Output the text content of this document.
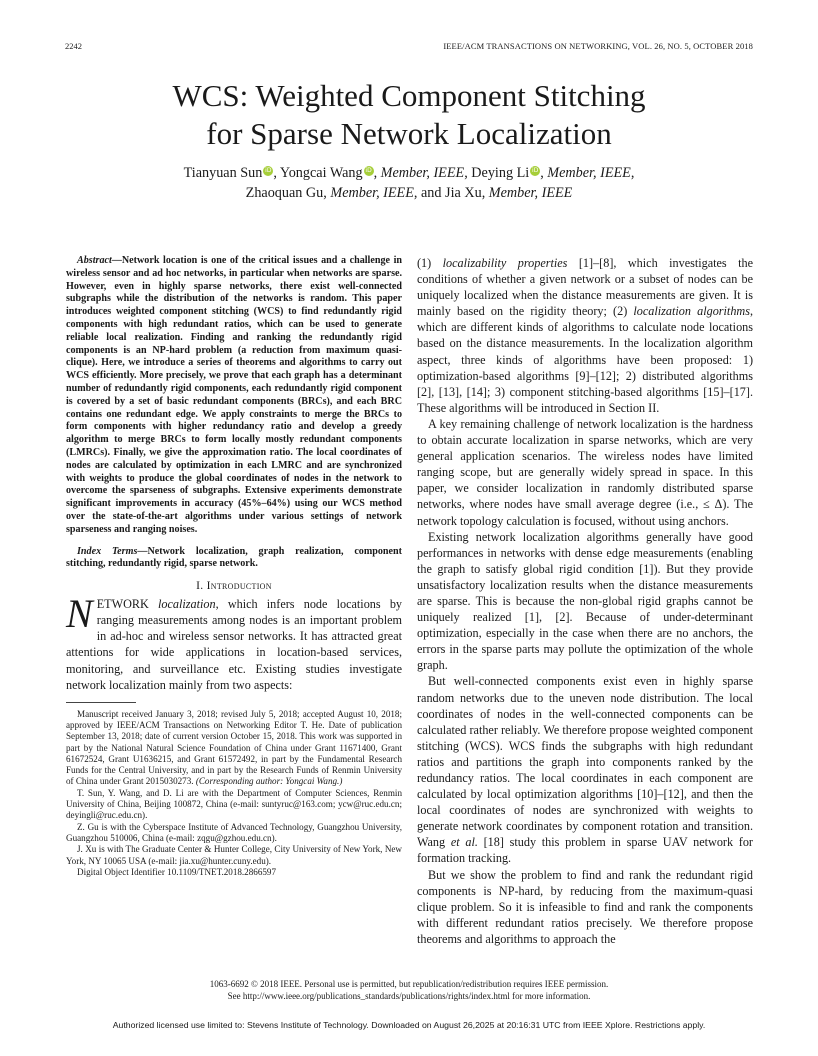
2242	IEEE/ACM TRANSACTIONS ON NETWORKING, VOL. 26, NO. 5, OCTOBER 2018
WCS: Weighted Component Stitching
for Sparse Network Localization
Tianyuan Sun iD , Yongcai Wang iD , Member, IEEE, Deying Li iD , Member, IEEE,
Zhaoquan Gu, Member, IEEE, and Jia Xu, Member, IEEE

Abstract—Network location is one of the critical issues and a challenge in wireless sensor and ad hoc networks, in particular when networks are sparse. However, even in highly sparse networks, there exist well-connected subgraphs while the distribution of the networks is random. This paper introduces weighted component stitching (WCS) to find redundantly rigid components with high redundant ratios, which can be used to generate reliable local realization. Finding and ranking the redundantly rigid components is an NP-hard problem (a reduction from maximum quasi-clique). Here, we introduce a series of theorems and algorithms to carry out WCS efficiently. More precisely, we prove that each graph has a determinant number of redundantly rigid components, each redundantly rigid component is covered by a set of basic redundant components (BRCs), and each BRC contains one redundant edge. We apply constraints to merge the BRCs to form components with higher redundancy ratio and develop a greedy algorithm to merge BRCs to form locally mostly redundant components (LMRCs). Finally, we give the approximation ratio. The local coordinates of nodes are calculated by optimization in each LMRC and are synchronized with weights to produce the global coordinates of nodes in the network to overcome the sparseness of subgraphs. Extensive experiments demonstrate significant improvements in accuracy (45%–64%) using our WCS method over the state-of-the-art algorithms under various settings of network sparseness and ranging noises.

Index Terms—Network localization, graph realization, component stitching, redundantly rigid, sparse network.

I. Introduction

NETWORK localization, which infers node locations by ranging measurements among nodes is an important problem in ad-hoc and wireless sensor networks. It has attracted great attentions for wide applications in location-based services, monitoring, and surveillance etc. Existing studies investigate network localization mainly from two aspects:

Manuscript received January 3, 2018; revised July 5, 2018; accepted August 10, 2018; approved by IEEE/ACM Transactions on Networking Editor T. He. Date of publication September 13, 2018; date of current version October 15, 2018. This work was supported in part by the National Natural Science Foundation of China under Grant 11671400, Grant 61672524, Grant U1636215, and Grant 61572492, in part by the Fundamental Research Funds for the Central University, and in part by the Research Funds of Renmin University of China under Grant 2015030273. (Corresponding author: Yongcai Wang.)

T. Sun, Y. Wang, and D. Li are with the Department of Computer Sciences, Renmin University of China, Beijing 100872, China (e-mail: suntyruc@163.com; ycw@ruc.edu.cn; deyingli@ruc.edu.cn).

Z. Gu is with the Cyberspace Institute of Advanced Technology, Guangzhou University, Guangzhou 510006, China (e-mail: zqgu@gzhou.edu.cn).

J. Xu is with The Graduate Center & Hunter College, City University of New York, New York, NY 10065 USA (e-mail: jia.xu@hunter.cuny.edu).

Digital Object Identifier 10.1109/TNET.2018.2866597

(1) localizability properties [1]–[8], which investigates the conditions of whether a given network or a subset of nodes can be uniquely localized when the distance measurements are given. It is mainly based on the rigidity theory; (2) localization algorithms, which are different kinds of algorithms to calculate node locations based on the distance measurements. In the localization algorithm aspect, three kinds of algorithms have been proposed: 1) optimization-based algorithms [9]–[12]; 2) distributed algorithms [2], [13], [14]; 3) component stitching-based algorithms [15]–[17]. These algorithms will be introduced in Section II.

A key remaining challenge of network localization is the hardness to obtain accurate localization in sparse networks, which are very general application scenarios. The wireless nodes have limited ranging scope, but are generally widely spread in space. In this paper, we consider localization in randomly distributed sparse networks, where nodes have small average degree (i.e., ≤ Δ). The network topology calculation is focused, without using anchors.

Existing network localization algorithms generally have good performances in networks with dense edge measurements (enabling the graph to satisfy global rigid condition [1]). But they provide unsatisfactory localization results when the distance measurements are sparse. This is because the non-global rigid graphs cannot be uniquely realized [1], [2]. Because of under-determinant optimization, especially in the case when there are no anchors, the errors in the sparse parts may pollute the optimization of the whole graph.

But well-connected components exist even in highly sparse random networks due to the uneven node distribution. The local coordinates of nodes in the well-connected components can be calculated rather reliably. We therefore propose weighted component stitching (WCS). WCS finds the subgraphs with high redundant ratios and partitions the graph into components ranked by the redundancy ratios. The local coordinates in each component are calculated by local optimization algorithms [10]–[12], and then the local coordinates of nodes are synchronized with weights to generate network coordinates by component rotation and transition. Wang et al. [18] study this problem in sparse UAV network for formation tracking.

But we show the problem to find and rank the redundant rigid components is NP-hard, by reducing from the maximum-quasi clique problem. So it is infeasible to find and rank the components with different redundant ratios precisely. We therefore propose theorems and algorithms to approach the

1063-6692 © 2018 IEEE. Personal use is permitted, but republication/redistribution requires IEEE permission.
See http://www.ieee.org/publications_standards/publications/rights/index.html for more information.
Authorized licensed use limited to: Stevens Institute of Technology. Downloaded on August 26,2025 at 20:16:31 UTC from IEEE Xplore. Restrictions apply.
